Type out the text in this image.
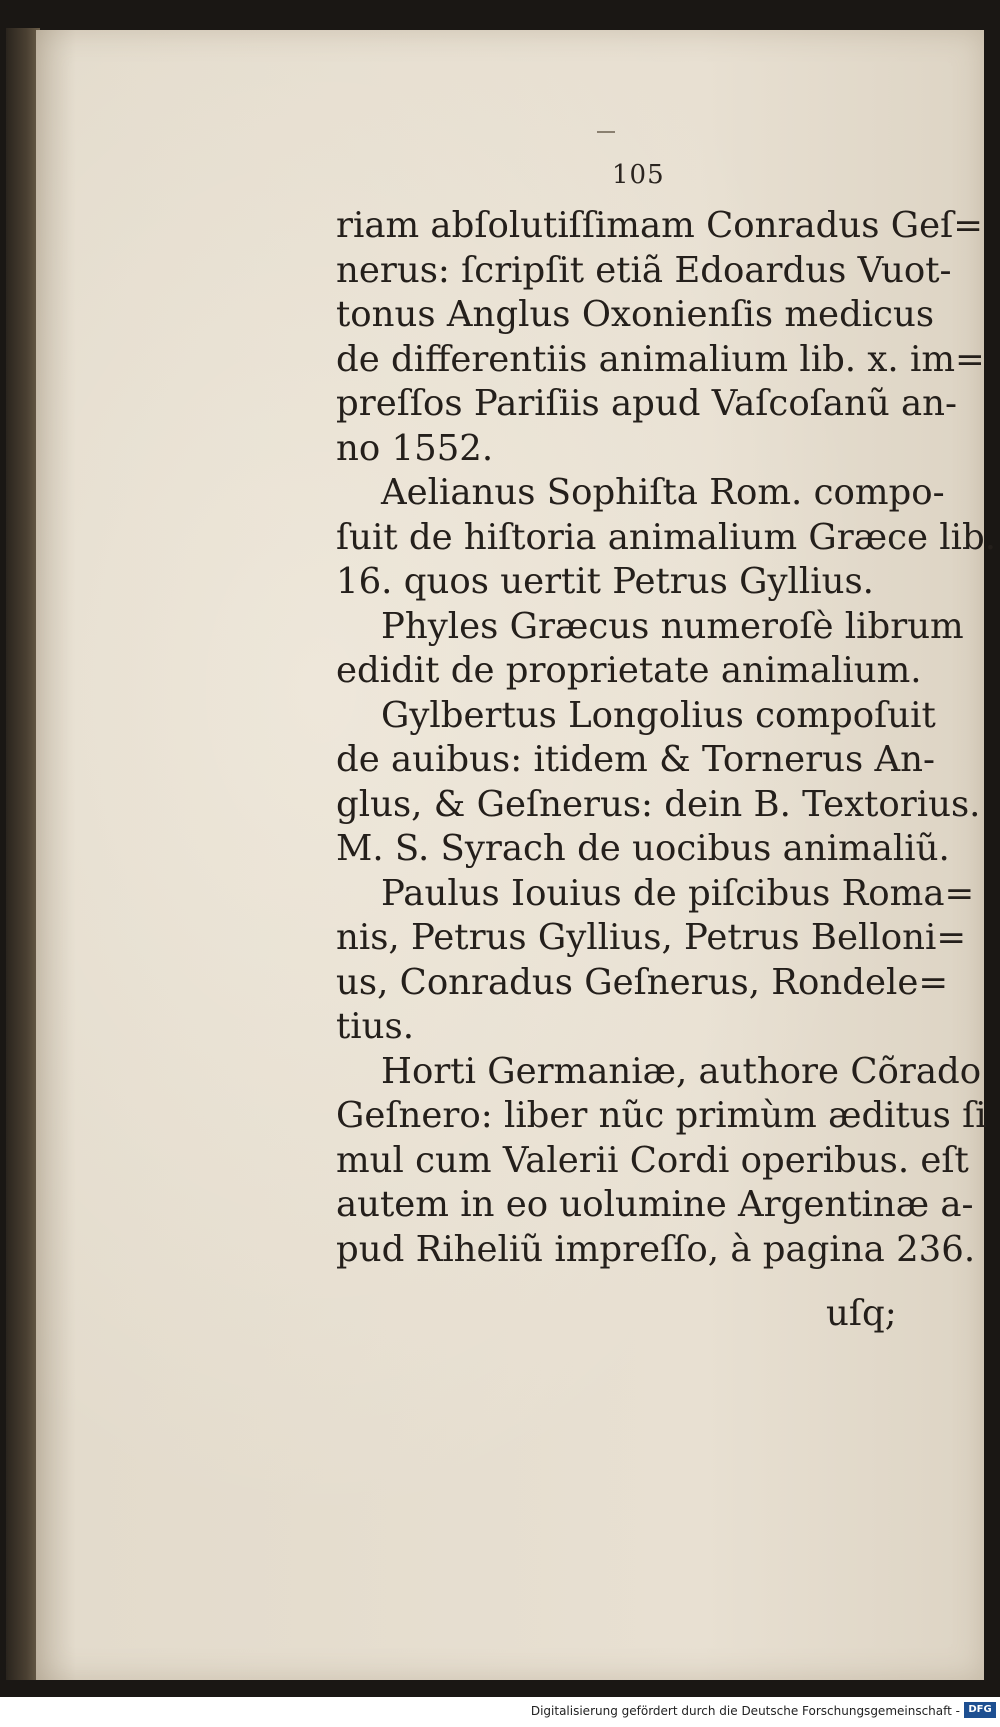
105
riam abſolutiſſimam Conradus Geſ=
nerus: ſcripſit etiã Edoardus Vuot-
tonus Anglus Oxonienſis medicus
de differentiis animalium lib. x. im=
preſſos Pariſiis apud Vaſcoſanũ an-
no 1552.
Aelianus Sophiſta Rom. compo-
ſuit de hiſtoria animalium Græce lib.
16. quos uertit Petrus Gyllius.
Phyles Græcus numeroſè librum
edidit de proprietate animalium.
Gylbertus Longolius compoſuit
de auibus: itidem & Tornerus An-
glus, & Geſnerus: dein B. Textorius.
M. S. Syrach de uocibus animaliũ.
Paulus Iouius de piſcibus Roma=
nis, Petrus Gyllius, Petrus Belloni=
us, Conradus Geſnerus, Rondele=
tius.
Horti Germaniæ, authore Cõrado
Geſnero: liber nũc primùm æditus ſi
mul cum Valerii Cordi operibus. eſt
autem in eo uolumine Argentinæ a-
pud Riheliũ impreſſo, à pagina 236.
uſq;
Digitalisierung gefördert durch die Deutsche Forschungsgemeinschaft - DFG
